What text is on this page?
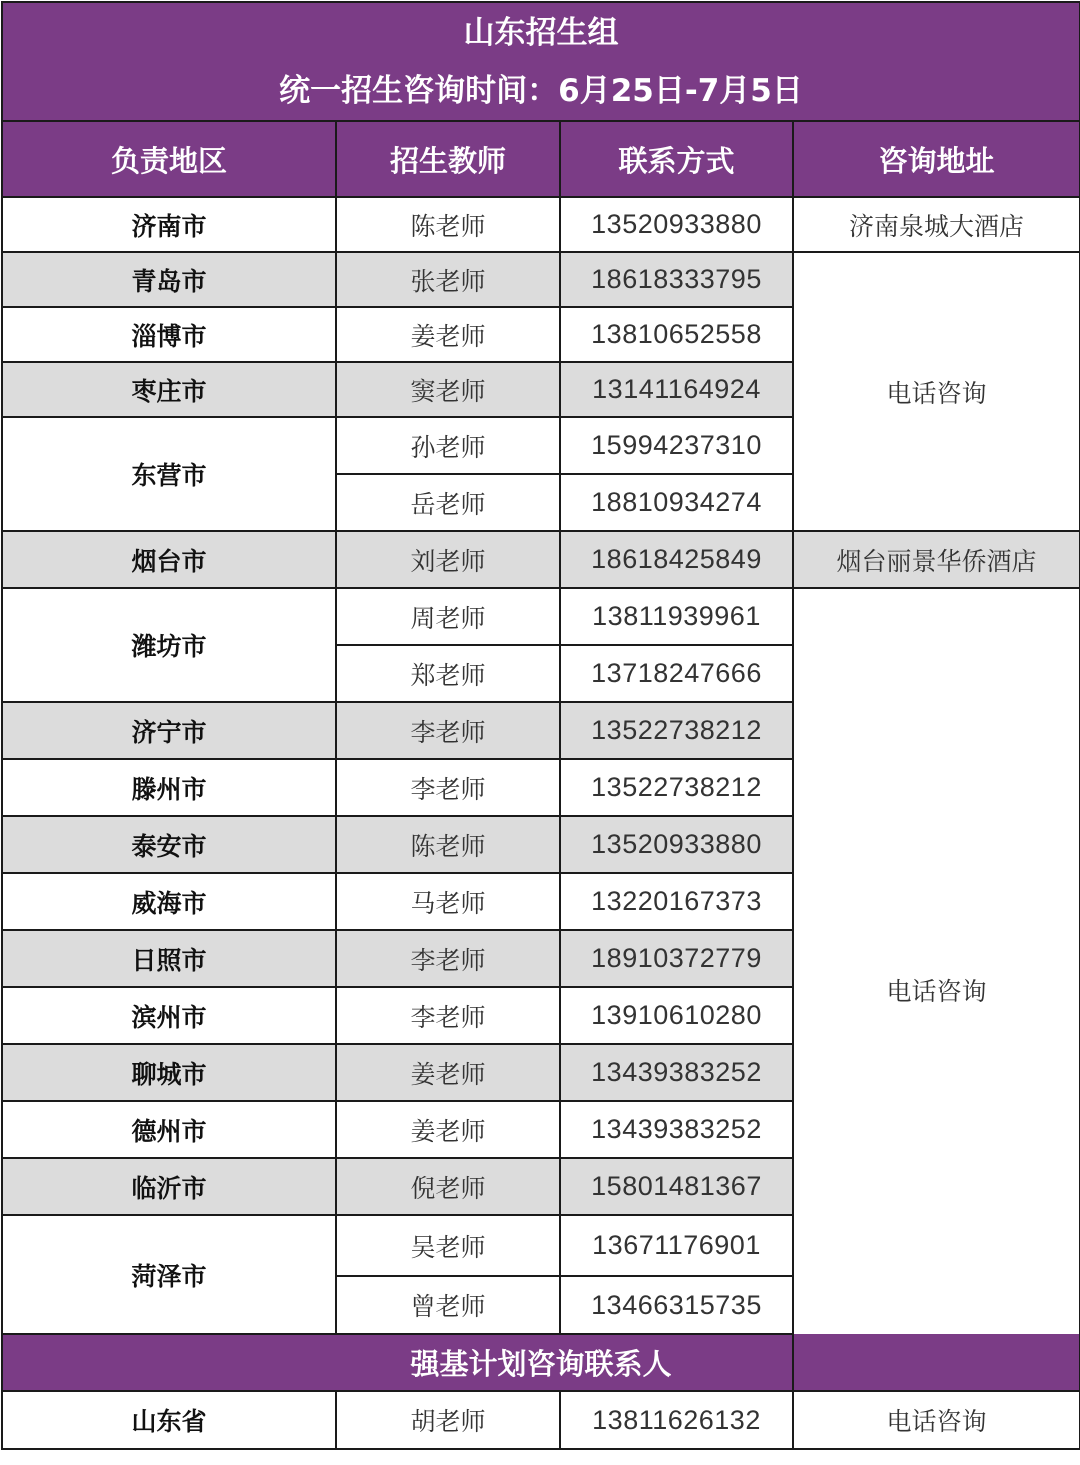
山东招生组
统一招生咨询时间：6月25日-7月5日			

负责地区	招生教师	联系方式	咨询地址
济南市	陈老师	13520933880	济南泉城大酒店
青岛市	张老师	18618333795	电话咨询
淄博市	姜老师	13810652558	
枣庄市	窦老师	13141164924	
东营市	孙老师	15994237310	
	岳老师	18810934274	
烟台市	刘老师	18618425849	烟台丽景华侨酒店
潍坊市	周老师	13811939961	电话咨询
	郑老师	13718247666	
济宁市	李老师	13522738212	
滕州市	李老师	13522738212	
泰安市	陈老师	13520933880	
威海市	马老师	13220167373	
日照市	李老师	18910372779	
滨州市	李老师	13910610280	
聊城市	姜老师	13439383252	
德州市	姜老师	13439383252	
临沂市	倪老师	15801481367	
菏泽市	吴老师	13671176901	
	曾老师	13466315735	
强基计划咨询联系人			
山东省	胡老师	13811626132	电话咨询
